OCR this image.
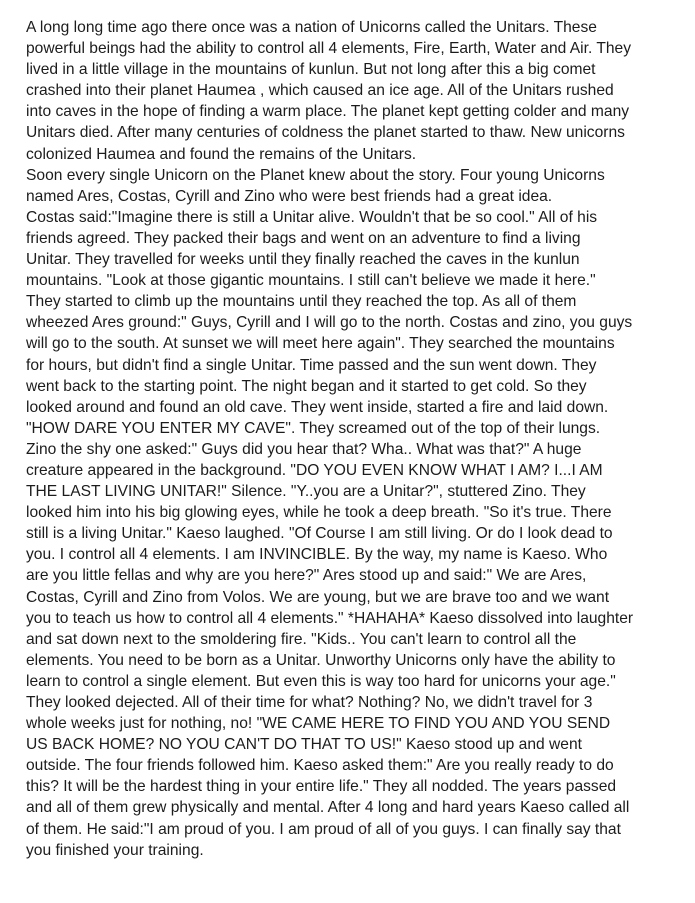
A long long time ago there once was a nation of Unicorns called the Unitars. These
powerful beings had the ability to control all 4 elements, Fire, Earth, Water and Air. They
lived in a little village in the mountains of kunlun. But not long after this a big comet
crashed into their planet Haumea , which caused an ice age. All of the Unitars rushed
into caves in the hope of finding a warm place. The planet kept getting colder and many
Unitars died. After many centuries of coldness the planet started to thaw. New unicorns
colonized Haumea and found the remains of the Unitars.
Soon every single Unicorn on the Planet knew about the story. Four young Unicorns
named Ares, Costas, Cyrill and Zino who were best friends had a great idea.
Costas said:"Imagine there is still a Unitar alive. Wouldn't that be so cool." All of his
friends agreed. They packed their bags and went on an adventure to find a living
Unitar. They travelled for weeks until they finally reached the caves in the kunlun
mountains. "Look at those gigantic mountains. I still can't believe we made it here."
They started to climb up the mountains until they reached the top. As all of them
wheezed Ares ground:" Guys, Cyrill and I will go to the north. Costas and zino, you guys
will go to the south. At sunset we will meet here again". They searched the mountains
for hours, but didn't find a single Unitar. Time passed and the sun went down. They
went back to the starting point. The night began and it started to get cold. So they
looked around and found an old cave. They went inside, started a fire and laid down.
"HOW DARE YOU ENTER MY CAVE". They screamed out of the top of their lungs.
Zino the shy one asked:" Guys did you hear that? Wha.. What was that?" A huge
creature appeared in the background. "DO YOU EVEN KNOW WHAT I AM? I...I AM
THE LAST LIVING UNITAR!" Silence. "Y..you are a Unitar?", stuttered Zino. They
looked him into his big glowing eyes, while he took a deep breath. "So it's true. There
still is a living Unitar." Kaeso laughed. "Of Course I am still living. Or do I look dead to
you. I control all 4 elements. I am INVINCIBLE. By the way, my name is Kaeso. Who
are you little fellas and why are you here?" Ares stood up and said:" We are Ares,
Costas, Cyrill and Zino from Volos. We are young, but we are brave too and we want
you to teach us how to control all 4 elements." *HAHAHA* Kaeso dissolved into laughter
and sat down next to the smoldering fire. "Kids.. You can't learn to control all the
elements. You need to be born as a Unitar. Unworthy Unicorns only have the ability to
learn to control a single element. But even this is way too hard for unicorns your age."
They looked dejected. All of their time for what? Nothing? No, we didn't travel for 3
whole weeks just for nothing, no! "WE CAME HERE TO FIND YOU AND YOU SEND
US BACK HOME? NO YOU CAN'T DO THAT TO US!" Kaeso stood up and went
outside. The four friends followed him. Kaeso asked them:" Are you really ready to do
this? It will be the hardest thing in your entire life." They all nodded. The years passed
and all of them grew physically and mental. After 4 long and hard years Kaeso called all
of them. He said:"I am proud of you. I am proud of all of you guys. I can finally say that
you finished your training.
